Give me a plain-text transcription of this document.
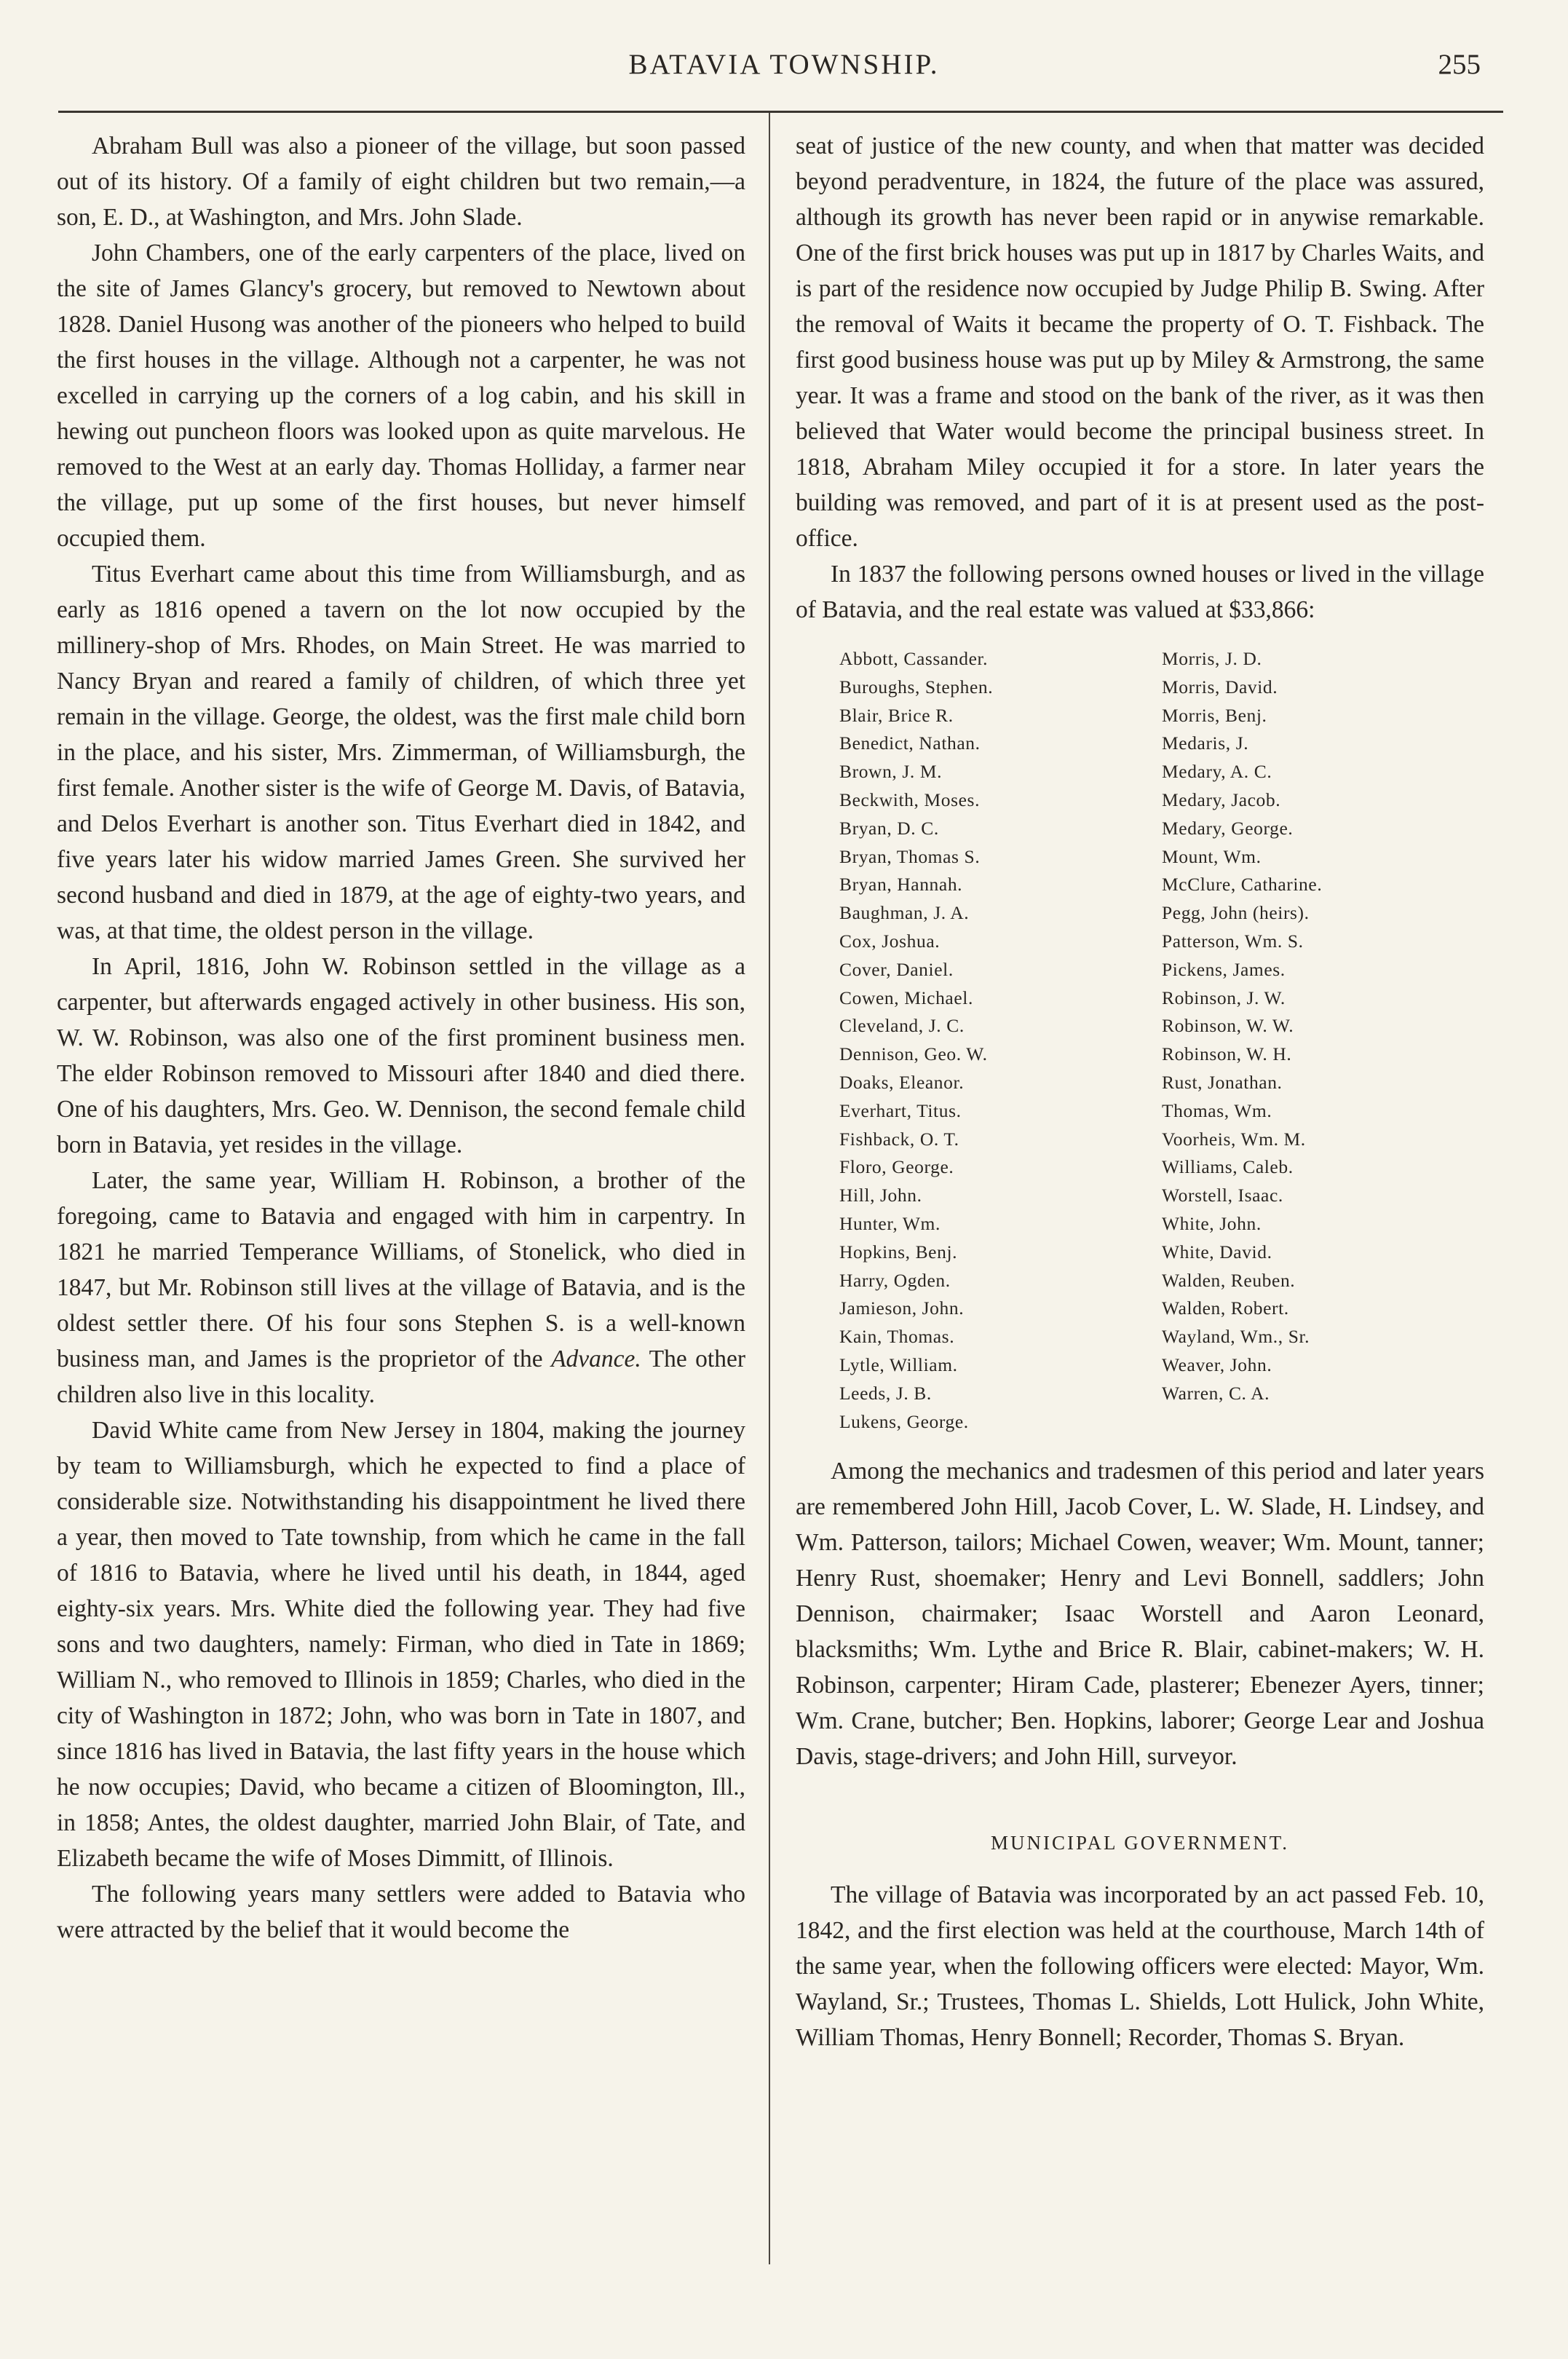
BATAVIA TOWNSHIP.	255

Abraham Bull was also a pioneer of the village, but soon passed out of its history. Of a family of eight children but two remain,—a son, E. D., at Washington, and Mrs. John Slade.

John Chambers, one of the early carpenters of the place, lived on the site of James Glancy's grocery, but removed to Newtown about 1828. Daniel Husong was another of the pioneers who helped to build the first houses in the village. Although not a carpenter, he was not excelled in carrying up the corners of a log cabin, and his skill in hewing out puncheon floors was looked upon as quite marvelous. He removed to the West at an early day. Thomas Holliday, a farmer near the village, put up some of the first houses, but never himself occupied them.

Titus Everhart came about this time from Williamsburgh, and as early as 1816 opened a tavern on the lot now occupied by the millinery-shop of Mrs. Rhodes, on Main Street. He was married to Nancy Bryan and reared a family of children, of which three yet remain in the village. George, the oldest, was the first male child born in the place, and his sister, Mrs. Zimmerman, of Williamsburgh, the first female. Another sister is the wife of George M. Davis, of Batavia, and Delos Everhart is another son. Titus Everhart died in 1842, and five years later his widow married James Green. She survived her second husband and died in 1879, at the age of eighty-two years, and was, at that time, the oldest person in the village.

In April, 1816, John W. Robinson settled in the village as a carpenter, but afterwards engaged actively in other business. His son, W. W. Robinson, was also one of the first prominent business men. The elder Robinson removed to Missouri after 1840 and died there. One of his daughters, Mrs. Geo. W. Dennison, the second female child born in Batavia, yet resides in the village.

Later, the same year, William H. Robinson, a brother of the foregoing, came to Batavia and engaged with him in carpentry. In 1821 he married Temperance Williams, of Stonelick, who died in 1847, but Mr. Robinson still lives at the village of Batavia, and is the oldest settler there. Of his four sons Stephen S. is a well-known business man, and James is the proprietor of the Advance. The other children also live in this locality.

David White came from New Jersey in 1804, making the journey by team to Williamsburgh, which he expected to find a place of considerable size. Notwithstanding his disappointment he lived there a year, then moved to Tate township, from which he came in the fall of 1816 to Batavia, where he lived until his death, in 1844, aged eighty-six years. Mrs. White died the following year. They had five sons and two daughters, namely: Firman, who died in Tate in 1869; William N., who removed to Illinois in 1859; Charles, who died in the city of Washington in 1872; John, who was born in Tate in 1807, and since 1816 has lived in Batavia, the last fifty years in the house which he now occupies; David, who became a citizen of Bloomington, Ill., in 1858; Antes, the oldest daughter, married John Blair, of Tate, and Elizabeth became the wife of Moses Dimmitt, of Illinois.

The following years many settlers were added to Batavia who were attracted by the belief that it would become the

seat of justice of the new county, and when that matter was decided beyond peradventure, in 1824, the future of the place was assured, although its growth has never been rapid or in anywise remarkable. One of the first brick houses was put up in 1817 by Charles Waits, and is part of the residence now occupied by Judge Philip B. Swing. After the removal of Waits it became the property of O. T. Fishback. The first good business house was put up by Miley & Armstrong, the same year. It was a frame and stood on the bank of the river, as it was then believed that Water would become the principal business street. In 1818, Abraham Miley occupied it for a store. In later years the building was removed, and part of it is at present used as the post-office.

In 1837 the following persons owned houses or lived in the village of Batavia, and the real estate was valued at $33,866:

Abbott, Cassander.
Buroughs, Stephen.
Blair, Brice R.
Benedict, Nathan.
Brown, J. M.
Beckwith, Moses.
Bryan, D. C.
Bryan, Thomas S.
Bryan, Hannah.
Baughman, J. A.
Cox, Joshua.
Cover, Daniel.
Cowen, Michael.
Cleveland, J. C.
Dennison, Geo. W.
Doaks, Eleanor.
Everhart, Titus.
Fishback, O. T.
Floro, George.
Hill, John.
Hunter, Wm.
Hopkins, Benj.
Harry, Ogden.
Jamieson, John.
Kain, Thomas.
Lytle, William.
Leeds, J. B.
Lukens, George.
Morris, J. D.
Morris, David.
Morris, Benj.
Medaris, J.
Medary, A. C.
Medary, Jacob.
Medary, George.
Mount, Wm.
McClure, Catharine.
Pegg, John (heirs).
Patterson, Wm. S.
Pickens, James.
Robinson, J. W.
Robinson, W. W.
Robinson, W. H.
Rust, Jonathan.
Thomas, Wm.
Voorheis, Wm. M.
Williams, Caleb.
Worstell, Isaac.
White, John.
White, David.
Walden, Reuben.
Walden, Robert.
Wayland, Wm., Sr.
Weaver, John.
Warren, C. A.

Among the mechanics and tradesmen of this period and later years are remembered John Hill, Jacob Cover, L. W. Slade, H. Lindsey, and Wm. Patterson, tailors; Michael Cowen, weaver; Wm. Mount, tanner; Henry Rust, shoemaker; Henry and Levi Bonnell, saddlers; John Dennison, chairmaker; Isaac Worstell and Aaron Leonard, blacksmiths; Wm. Lythe and Brice R. Blair, cabinet-makers; W. H. Robinson, carpenter; Hiram Cade, plasterer; Ebenezer Ayers, tinner; Wm. Crane, butcher; Ben. Hopkins, laborer; George Lear and Joshua Davis, stage-drivers; and John Hill, surveyor.

MUNICIPAL GOVERNMENT.

The village of Batavia was incorporated by an act passed Feb. 10, 1842, and the first election was held at the courthouse, March 14th of the same year, when the following officers were elected: Mayor, Wm. Wayland, Sr.; Trustees, Thomas L. Shields, Lott Hulick, John White, William Thomas, Henry Bonnell; Recorder, Thomas S. Bryan.
